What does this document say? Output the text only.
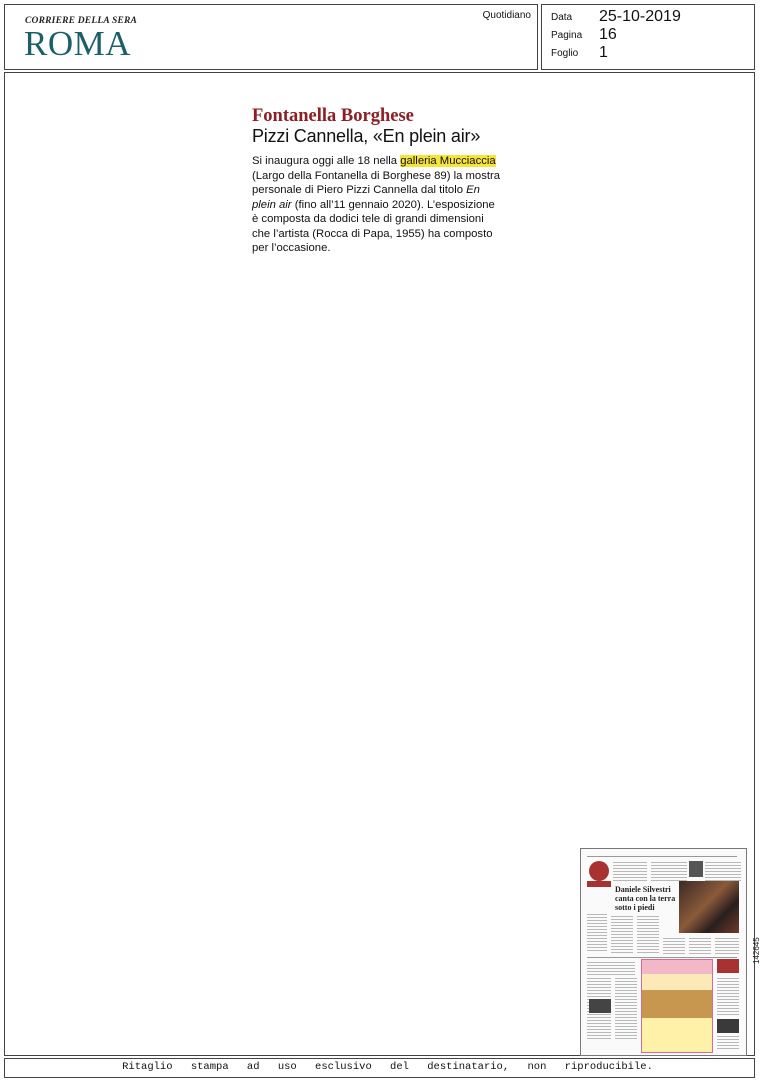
CORRIERE DELLA SERA
ROMA
Quotidiano Data 25-10-2019
Pagina 16
Foglio 1
Fontanella Borghese
Pizzi Cannella, «En plein air»

Si inaugura oggi alle 18 nella galleria Mucciaccia (Largo della Fontanella di Borghese 89) la mostra personale di Piero Pizzi Cannella dal titolo En plein air (fino all’11 gennaio 2020). L’esposizione è composta da dodici tele di grandi dimensioni che l’artista (Rocca di Papa, 1955) ha composto per l’occasione.

Daniele Silvestri canta con la terra sotto i piedi
142645
Ritaglio stampa ad uso esclusivo del destinatario, non riproducibile.
